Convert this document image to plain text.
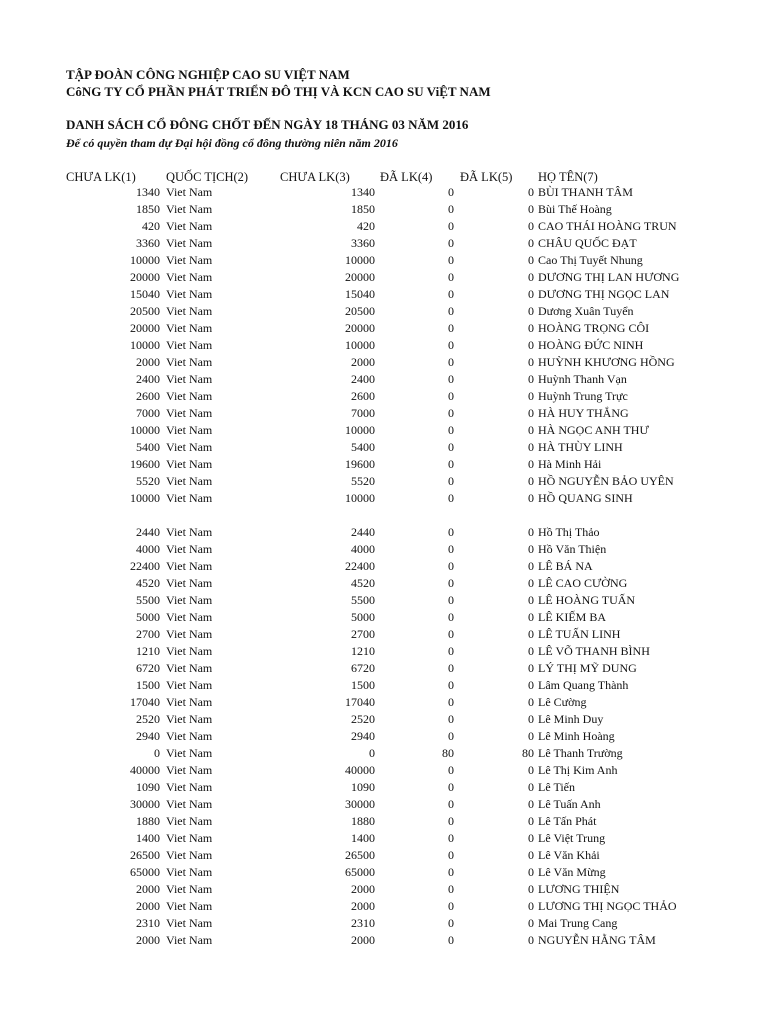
TẬP ĐOÀN CÔNG NGHIỆP CAO SU VIỆT NAM
CôNG TY CỔ PHẦN PHÁT TRIỂN ĐÔ THỊ VÀ KCN CAO SU ViỆT NAM
DANH SÁCH CỔ ĐÔNG CHỐT ĐẾN NGÀY 18 THÁNG 03 NĂM 2016
Để có quyền tham dự Đại hội đồng cổ đông thường niên năm 2016
CHƯA LK(1) QUỐC TỊCH(2)	CHƯA LK(3) ĐÃ LK(4) ĐÃ LK(5) HỌ TÊN(7)
1340 Viet Nam	1340	0	0 BÙI THANH TÂM
1850 Viet Nam	1850	0	0 Bùi Thế Hoàng
420 Viet Nam	420	0	0 CAO THÁI HOÀNG TRUN
3360 Viet Nam	3360	0	0 CHÂU QUỐC ĐẠT
10000 Viet Nam	10000	0	0 Cao Thị Tuyết Nhung
20000 Viet Nam	20000	0	0 DƯƠNG THỊ LAN HƯƠNG
15040 Viet Nam	15040	0	0 DƯƠNG THỊ NGỌC LAN
20500 Viet Nam	20500	0	0 Dương Xuân Tuyển
20000 Viet Nam	20000	0	0 HOÀNG TRỌNG CÔI
10000 Viet Nam	10000	0	0 HOÀNG ĐỨC NINH
2000 Viet Nam	2000	0	0 HUỲNH KHƯƠNG HỒNG
2400 Viet Nam	2400	0	0 Huỳnh Thanh Vạn
2600 Viet Nam	2600	0	0 Huỳnh Trung Trực
7000 Viet Nam	7000	0	0 HÀ HUY THẮNG
10000 Viet Nam	10000	0	0 HÀ NGỌC ANH THƯ
5400 Viet Nam	5400	0	0 HÀ THÙY LINH
19600 Viet Nam	19600	0	0 Hà Minh Hải
5520 Viet Nam	5520	0	0 HỒ NGUYỄN BẢO UYÊN
10000 Viet Nam	10000	0	0 HỒ QUANG SINH
2440 Viet Nam	2440	0	0 Hồ Thị Thảo
4000 Viet Nam	4000	0	0 Hồ Văn Thiện
22400 Viet Nam	22400	0	0 LÊ BÁ NA
4520 Viet Nam	4520	0	0 LÊ CAO CƯỜNG
5500 Viet Nam	5500	0	0 LÊ HOÀNG TUẤN
5000 Viet Nam	5000	0	0 LÊ KIẾM BA
2700 Viet Nam	2700	0	0 LÊ TUẤN LINH
1210 Viet Nam	1210	0	0 LÊ VÕ THANH BÌNH
6720 Viet Nam	6720	0	0 LÝ THỊ MỸ DUNG
1500 Viet Nam	1500	0	0 Lâm Quang Thành
17040 Viet Nam	17040	0	0 Lê Cường
2520 Viet Nam	2520	0	0 Lê Minh Duy
2940 Viet Nam	2940	0	0 Lê Minh Hoàng
0 Viet Nam	0	80	80 Lê Thanh Trường
40000 Viet Nam	40000	0	0 Lê Thị Kim Anh
1090 Viet Nam	1090	0	0 Lê Tiến
30000 Viet Nam	30000	0	0 Lê Tuấn Anh
1880 Viet Nam	1880	0	0 Lê Tấn Phát
1400 Viet Nam	1400	0	0 Lê Việt Trung
26500 Viet Nam	26500	0	0 Lê Văn Khải
65000 Viet Nam	65000	0	0 Lê Văn Mừng
2000 Viet Nam	2000	0	0 LƯƠNG THIỆN
2000 Viet Nam	2000	0	0 LƯƠNG THỊ NGỌC THẢO
2310 Viet Nam	2310	0	0 Mai Trung Cang
2000 Viet Nam	2000	0	0 NGUYỄN HẰNG TÂM
